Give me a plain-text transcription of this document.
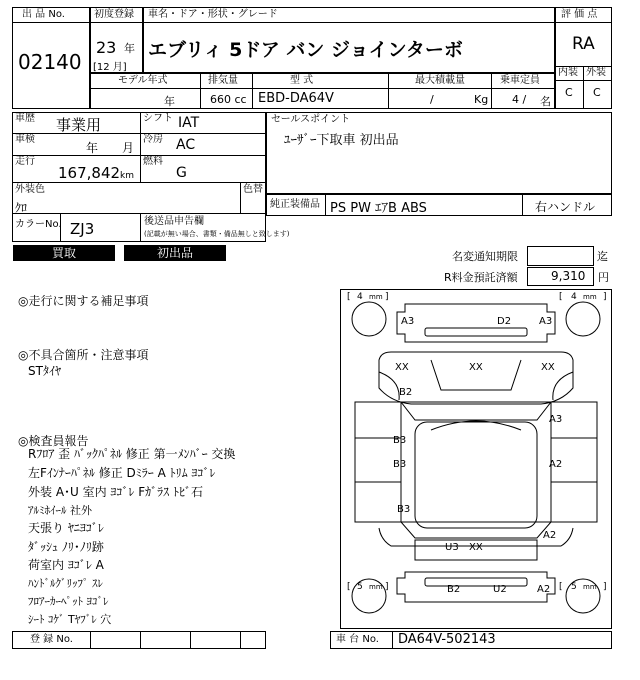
出 品 No.
02140
初度登録
23 年
[12 月]
車名・ドア・形状・グレード
エブリィ 5ドア バン ジョインターボ
評 価 点
RA
内装 外装
C C
モデル年式	排気量	型 式	最大積載量	乗車定員
年	660 cc EBD-DA64V	/	Kg 4 / 名
車歴 事業用	シフト IAT
車検
年 月
冷房 AC
走行
167,842 km
燃料
G
外装色
ｸﾛ
色替
カラーNo. ZJ3	後送品申告欄
(記載が無い場合、書類・備品無しと致します)
セールスポイント
ﾕｰｻﾞｰ下取車 初出品
純正装備品 PS PW ｴｱB ABS	右ハンドル
買取	初出品	名変通知期限	迄
R料金預託済額	9,310 円
◎走行に関する補足事項
◎不具合箇所・注意事項
STﾀｲﾔ
◎検査員報告
Rﾌﾛｱ 歪 ﾊﾞｯｸﾊﾟﾈﾙ 修正 第一ﾒﾝﾊﾞｰ 交換
左Fｲﾝﾅｰﾊﾟﾈﾙ 修正 Dﾐﾗｰ A ﾄﾘﾑ ﾖｺﾞﾚ
外装 A･U 室内 ﾖｺﾞﾚ Fｶﾞﾗｽ ﾄﾋﾞ石
ｱﾙﾐﾎｲｰﾙ 社外
天張り ﾔﾆﾖｺﾞﾚ
ﾀﾞｯｼｭ ﾉﾘ･ﾉﾘ跡
荷室内 ﾖｺﾞﾚ A
ﾊﾝﾄﾞﾙｸﾞﾘｯﾌﾟ ｽﾚ
ﾌﾛｱｰｶｰﾍﾟｯﾄ ﾖｺﾞﾚ
ｼｰﾄ ｺｹﾞ Tﾔﾌﾞﾚ 穴
[ 4 mm ]	[ 4 mm ]
[ 5 mm ]	[ 5 mm ]
A3	D2	A3
XX	XX	XX
B2
B3
A3
B3	A2
B3
A2
U3 XX
B2	A2
U2
登 録 No.	車 台 No. DA64V-502143
